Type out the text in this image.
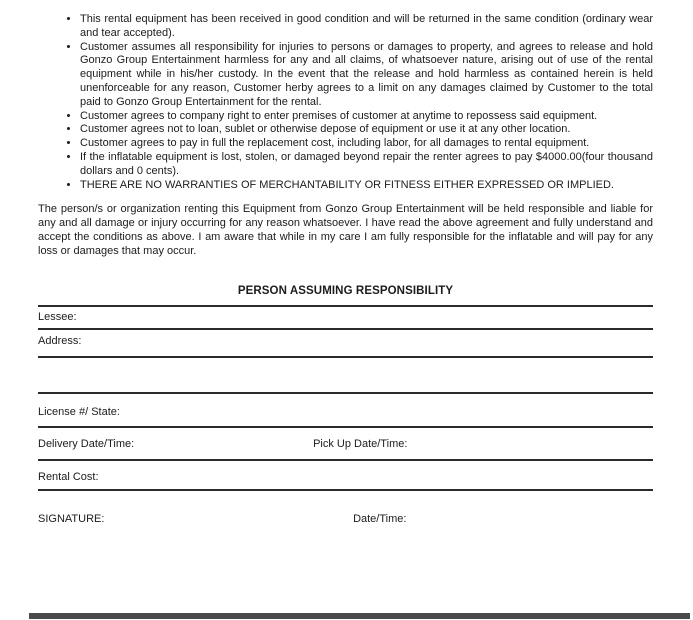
• This rental equipment has been received in good condition and will be returned in the same condition (ordinary wear and tear accepted).
• Customer assumes all responsibility for injuries to persons or damages to property, and agrees to release and hold Gonzo Group Entertainment harmless for any and all claims, of whatsoever nature, arising out of use of the rental equipment while in his/her custody. In the event that the release and hold harmless as contained herein is held unenforceable for any reason, Customer herby agrees to a limit on any damages claimed by Customer to the total paid to Gonzo Group Entertainment for the rental.
• Customer agrees to company right to enter premises of customer at anytime to repossess said equipment.
• Customer agrees not to loan, sublet or otherwise depose of equipment or use it at any other location.
• Customer agrees to pay in full the replacement cost, including labor, for all damages to rental equipment.
• If the inflatable equipment is lost, stolen, or damaged beyond repair the renter agrees to pay $4000.00(four thousand dollars and 0 cents).
• THERE ARE NO WARRANTIES OF MERCHANTABILITY OR FITNESS EITHER EXPRESSED OR IMPLIED.

The person/s or organization renting this Equipment from Gonzo Group Entertainment will be held responsible and liable for any and all damage or injury occurring for any reason whatsoever. I have read the above agreement and fully understand and accept the conditions as above. I am aware that while in my care I am fully responsible for the inflatable and will pay for any loss or damages that may occur.

PERSON ASSUMING RESPONSIBILITY
Lessee:
Address:
License #/ State:
Delivery Date/Time:	Pick Up Date/Time:
Rental Cost:
SIGNATURE:	Date/Time:
